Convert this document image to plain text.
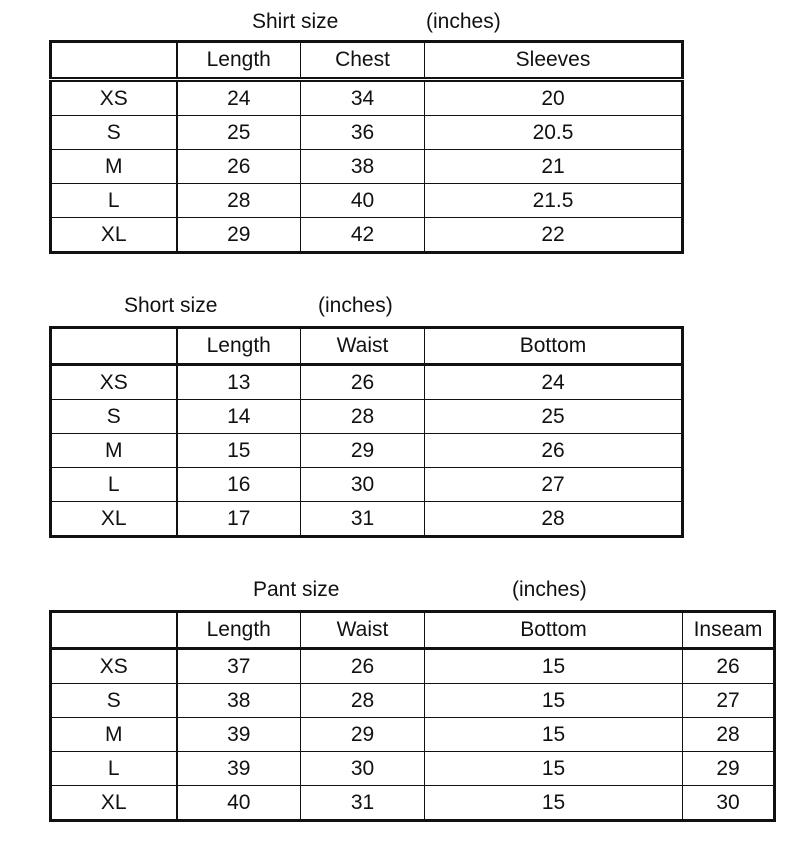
Shirt size	(inches)
	Length	Chest	Sleeves
XS	24	34	20
S	25	36	20.5
M	26	38	21
L	28	40	21.5
XL	29	42	22
Short size	(inches)
	Length	Waist	Bottom
XS	13	26	24
S	14	28	25
M	15	29	26
L	16	30	27
XL	17	31	28
Pant size	(inches)
	Length	Waist	Bottom	Inseam
XS	37	26	15	26
S	38	28	15	27
M	39	29	15	28
L	39	30	15	29
XL	40	31	15	30
